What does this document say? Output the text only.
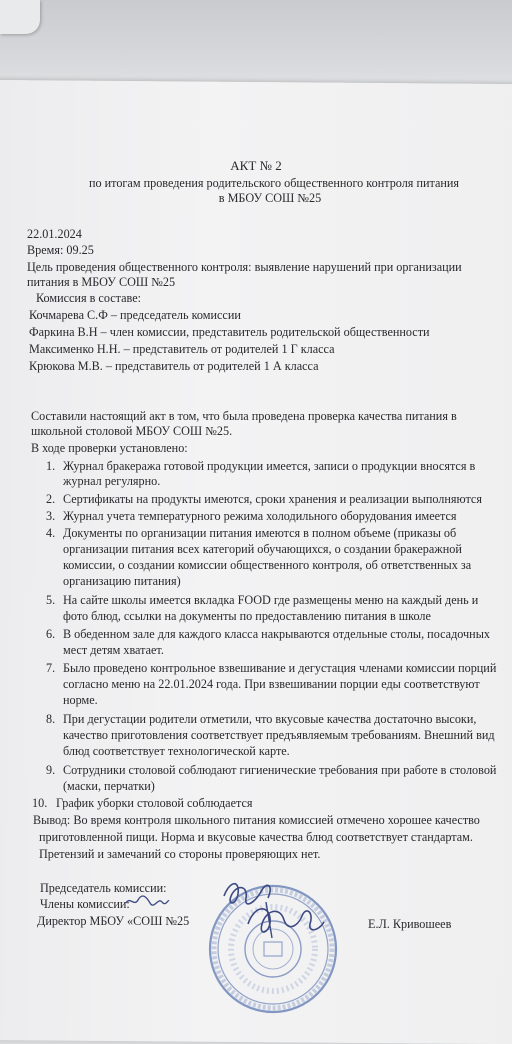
АКТ № 2
по итогам проведения родительского общественного контроля питания
в МБОУ СОШ №25
22.01.2024
Время: 09.25
Цель проведения общественного контроля: выявление нарушений при организации
питания в МБОУ СОШ №25
Комиссия в составе:
Кочмарева С.Ф – председатель комиссии
Фаркина В.Н – член комиссии, представитель родительской общественности
Максименко Н.Н. – представитель от родителей 1 Г класса
Крюкова М.В. – представитель от родителей 1 А класса
Составили настоящий акт в том, что была проведена проверка качества питания в
школьной столовой МБОУ СОШ №25.
В ходе проверки установлено:
1. Журнал бракеража готовой продукции имеется, записи о продукции вносятся в
журнал регулярно.
2. Сертификаты на продукты имеются, сроки хранения и реализации выполняются
3. Журнал учета температурного режима холодильного оборудования имеется
4. Документы по организации питания имеются в полном объеме (приказы об
организации питания всех категорий обучающихся, о создании бракеражной
комиссии, о создании комиссии общественного контроля, об ответственных за
организацию питания)
5. На сайте школы имеется вкладка FOOD где размещены меню на каждый день и
фото блюд, ссылки на документы по предоставлению питания в школе
6. В обеденном зале для каждого класса накрываются отдельные столы, посадочных
мест детям хватает.
7. Было проведено контрольное взвешивание и дегустация членами комиссии порций
согласно меню на 22.01.2024 года. При взвешивании порции еды соответствуют
норме.
8. При дегустации родители отметили, что вкусовые качества достаточно высоки,
качество приготовления соответствует предъявляемым требованиям. Внешний вид
блюд соответствует технологической карте.
9. Сотрудники столовой соблюдают гигиенические требования при работе в столовой
(маски, перчатки)
10. График уборки столовой соблюдается
Вывод: Во время контроля школьного питания комиссией отмечено хорошее качество
приготовленной пищи. Норма и вкусовые качества блюд соответствует стандартам.
Претензий и замечаний со стороны проверяющих нет.
Председатель комиссии:
Члены комиссии:
Директор МБОУ «СОШ №25	Е.Л. Кривошеев
